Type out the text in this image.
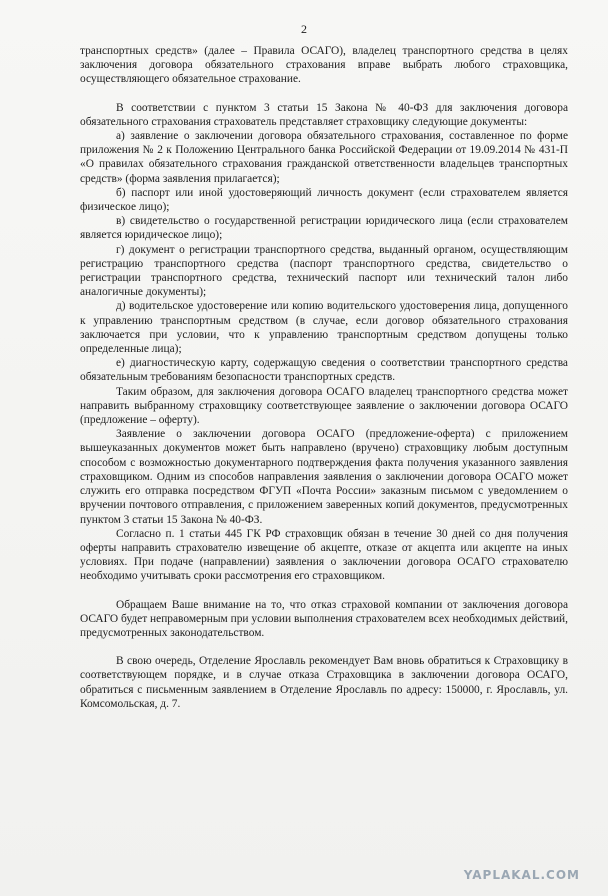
2

транспортных средств» (далее – Правила ОСАГО), владелец транспортного средства в целях заключения договора обязательного страхования вправе выбрать любого страховщика, осуществляющего обязательное страхование.

В соответствии с пунктом 3 статьи 15 Закона № 40-ФЗ для заключения договора обязательного страхования страхователь представляет страховщику следующие документы:

а) заявление о заключении договора обязательного страхования, составленное по форме приложения № 2 к Положению Центрального банка Российской Федерации от 19.09.2014 № 431-П «О правилах обязательного страхования гражданской ответственности владельцев транспортных средств» (форма заявления прилагается);

б) паспорт или иной удостоверяющий личность документ (если страхователем является физическое лицо);

в) свидетельство о государственной регистрации юридического лица (если страхователем является юридическое лицо);

г) документ о регистрации транспортного средства, выданный органом, осуществляющим регистрацию транспортного средства (паспорт транспортного средства, свидетельство о регистрации транспортного средства, технический паспорт или технический талон либо аналогичные документы);

д) водительское удостоверение или копию водительского удостоверения лица, допущенного к управлению транспортным средством (в случае, если договор обязательного страхования заключается при условии, что к управлению транспортным средством допущены только определенные лица);

е) диагностическую карту, содержащую сведения о соответствии транспортного средства обязательным требованиям безопасности транспортных средств.

Таким образом, для заключения договора ОСАГО владелец транспортного средства может направить выбранному страховщику соответствующее заявление о заключении договора ОСАГО (предложение – оферту).

Заявление о заключении договора ОСАГО (предложение-оферта) с приложением вышеуказанных документов может быть направлено (вручено) страховщику любым доступным способом с возможностью документарного подтверждения факта получения указанного заявления страховщиком. Одним из способов направления заявления о заключении договора ОСАГО может служить его отправка посредством ФГУП «Почта России» заказным письмом с уведомлением о вручении почтового отправления, с приложением заверенных копий документов, предусмотренных пунктом 3 статьи 15 Закона № 40-ФЗ.

Согласно п. 1 статьи 445 ГК РФ страховщик обязан в течение 30 дней со дня получения оферты направить страхователю извещение об акцепте, отказе от акцепта или акцепте на иных условиях. При подаче (направлении) заявления о заключении договора ОСАГО страхователю необходимо учитывать сроки рассмотрения его страховщиком.

Обращаем Ваше внимание на то, что отказ страховой компании от заключения договора ОСАГО будет неправомерным при условии выполнения страхователем всех необходимых действий, предусмотренных законодательством.

В свою очередь, Отделение Ярославль рекомендует Вам вновь обратиться к Страховщику в соответствующем порядке, и в случае отказа Страховщика в заключении договора ОСАГО, обратиться с письменным заявлением в Отделение Ярославль по адресу: 150000, г. Ярославль, ул. Комсомольская, д. 7.

YAPLAKAL.COM
